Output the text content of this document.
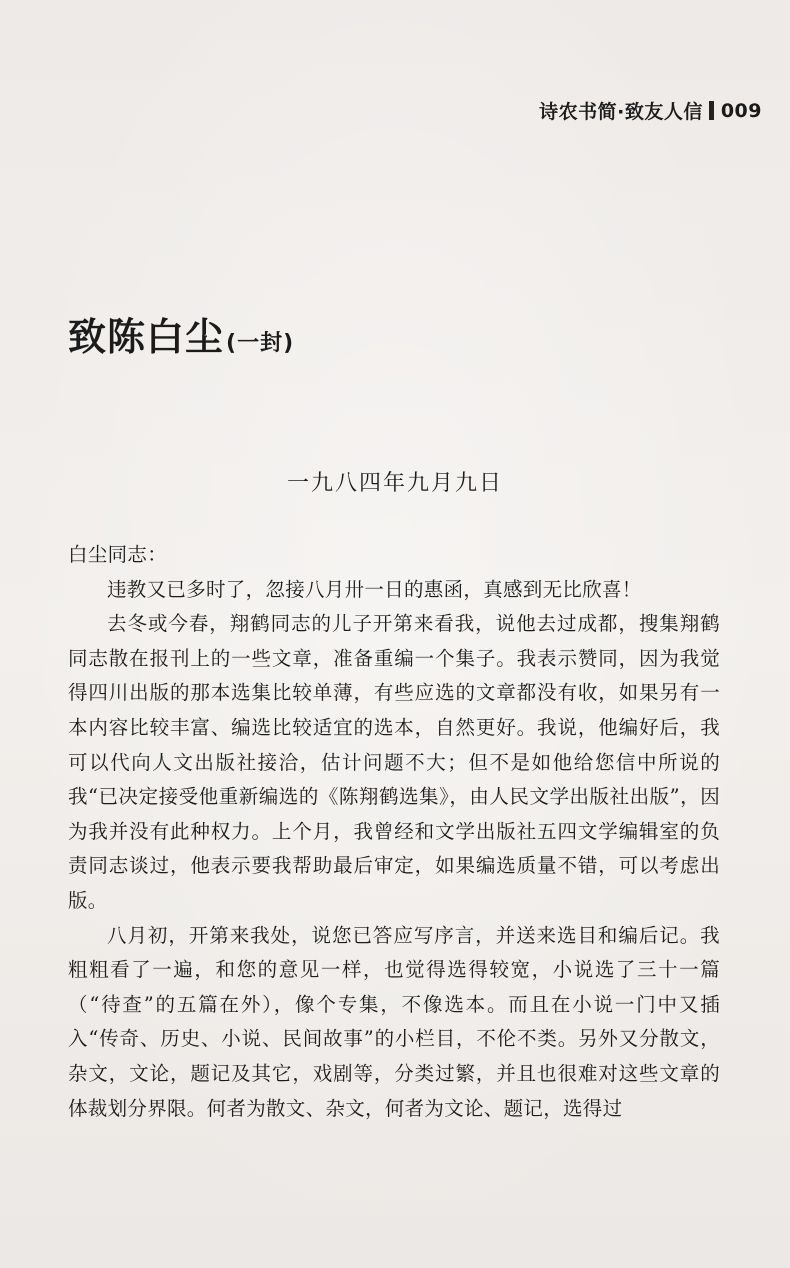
诗农书简·致友人信 009
致陈白尘 (一封)
一九八四年九月九日

白尘同志：

违教又已多时了，忽接八月卅一日的惠函，真感到无比欣喜！

去冬或今春，翔鹤同志的儿子开第来看我，说他去过成都，搜集翔鹤同志散在报刊上的一些文章，准备重编一个集子。我表示赞同，因为我觉得四川出版的那本选集比较单薄，有些应选的文章都没有收，如果另有一本内容比较丰富、编选比较适宜的选本，自然更好。我说，他编好后，我可以代向人文出版社接洽，估计问题不大；但不是如他给您信中所说的我“已决定接受他重新编选的《陈翔鹤选集》，由人民文学出版社出版”，因为我并没有此种权力。上个月，我曾经和文学出版社五四文学编辑室的负责同志谈过，他表示要我帮助最后审定，如果编选质量不错，可以考虑出版。

八月初，开第来我处，说您已答应写序言，并送来选目和编后记。我粗粗看了一遍，和您的意见一样，也觉得选得较宽，小说选了三十一篇（“待查”的五篇在外），像个专集，不像选本。而且在小说一门中又插入“传奇、历史、小说、民间故事”的小栏目，不伦不类。另外又分散文，杂文，文论，题记及其它，戏剧等，分类过繁，并且也很难对这些文章的体裁划分界限。何者为散文、杂文，何者为文论、题记，选得过
